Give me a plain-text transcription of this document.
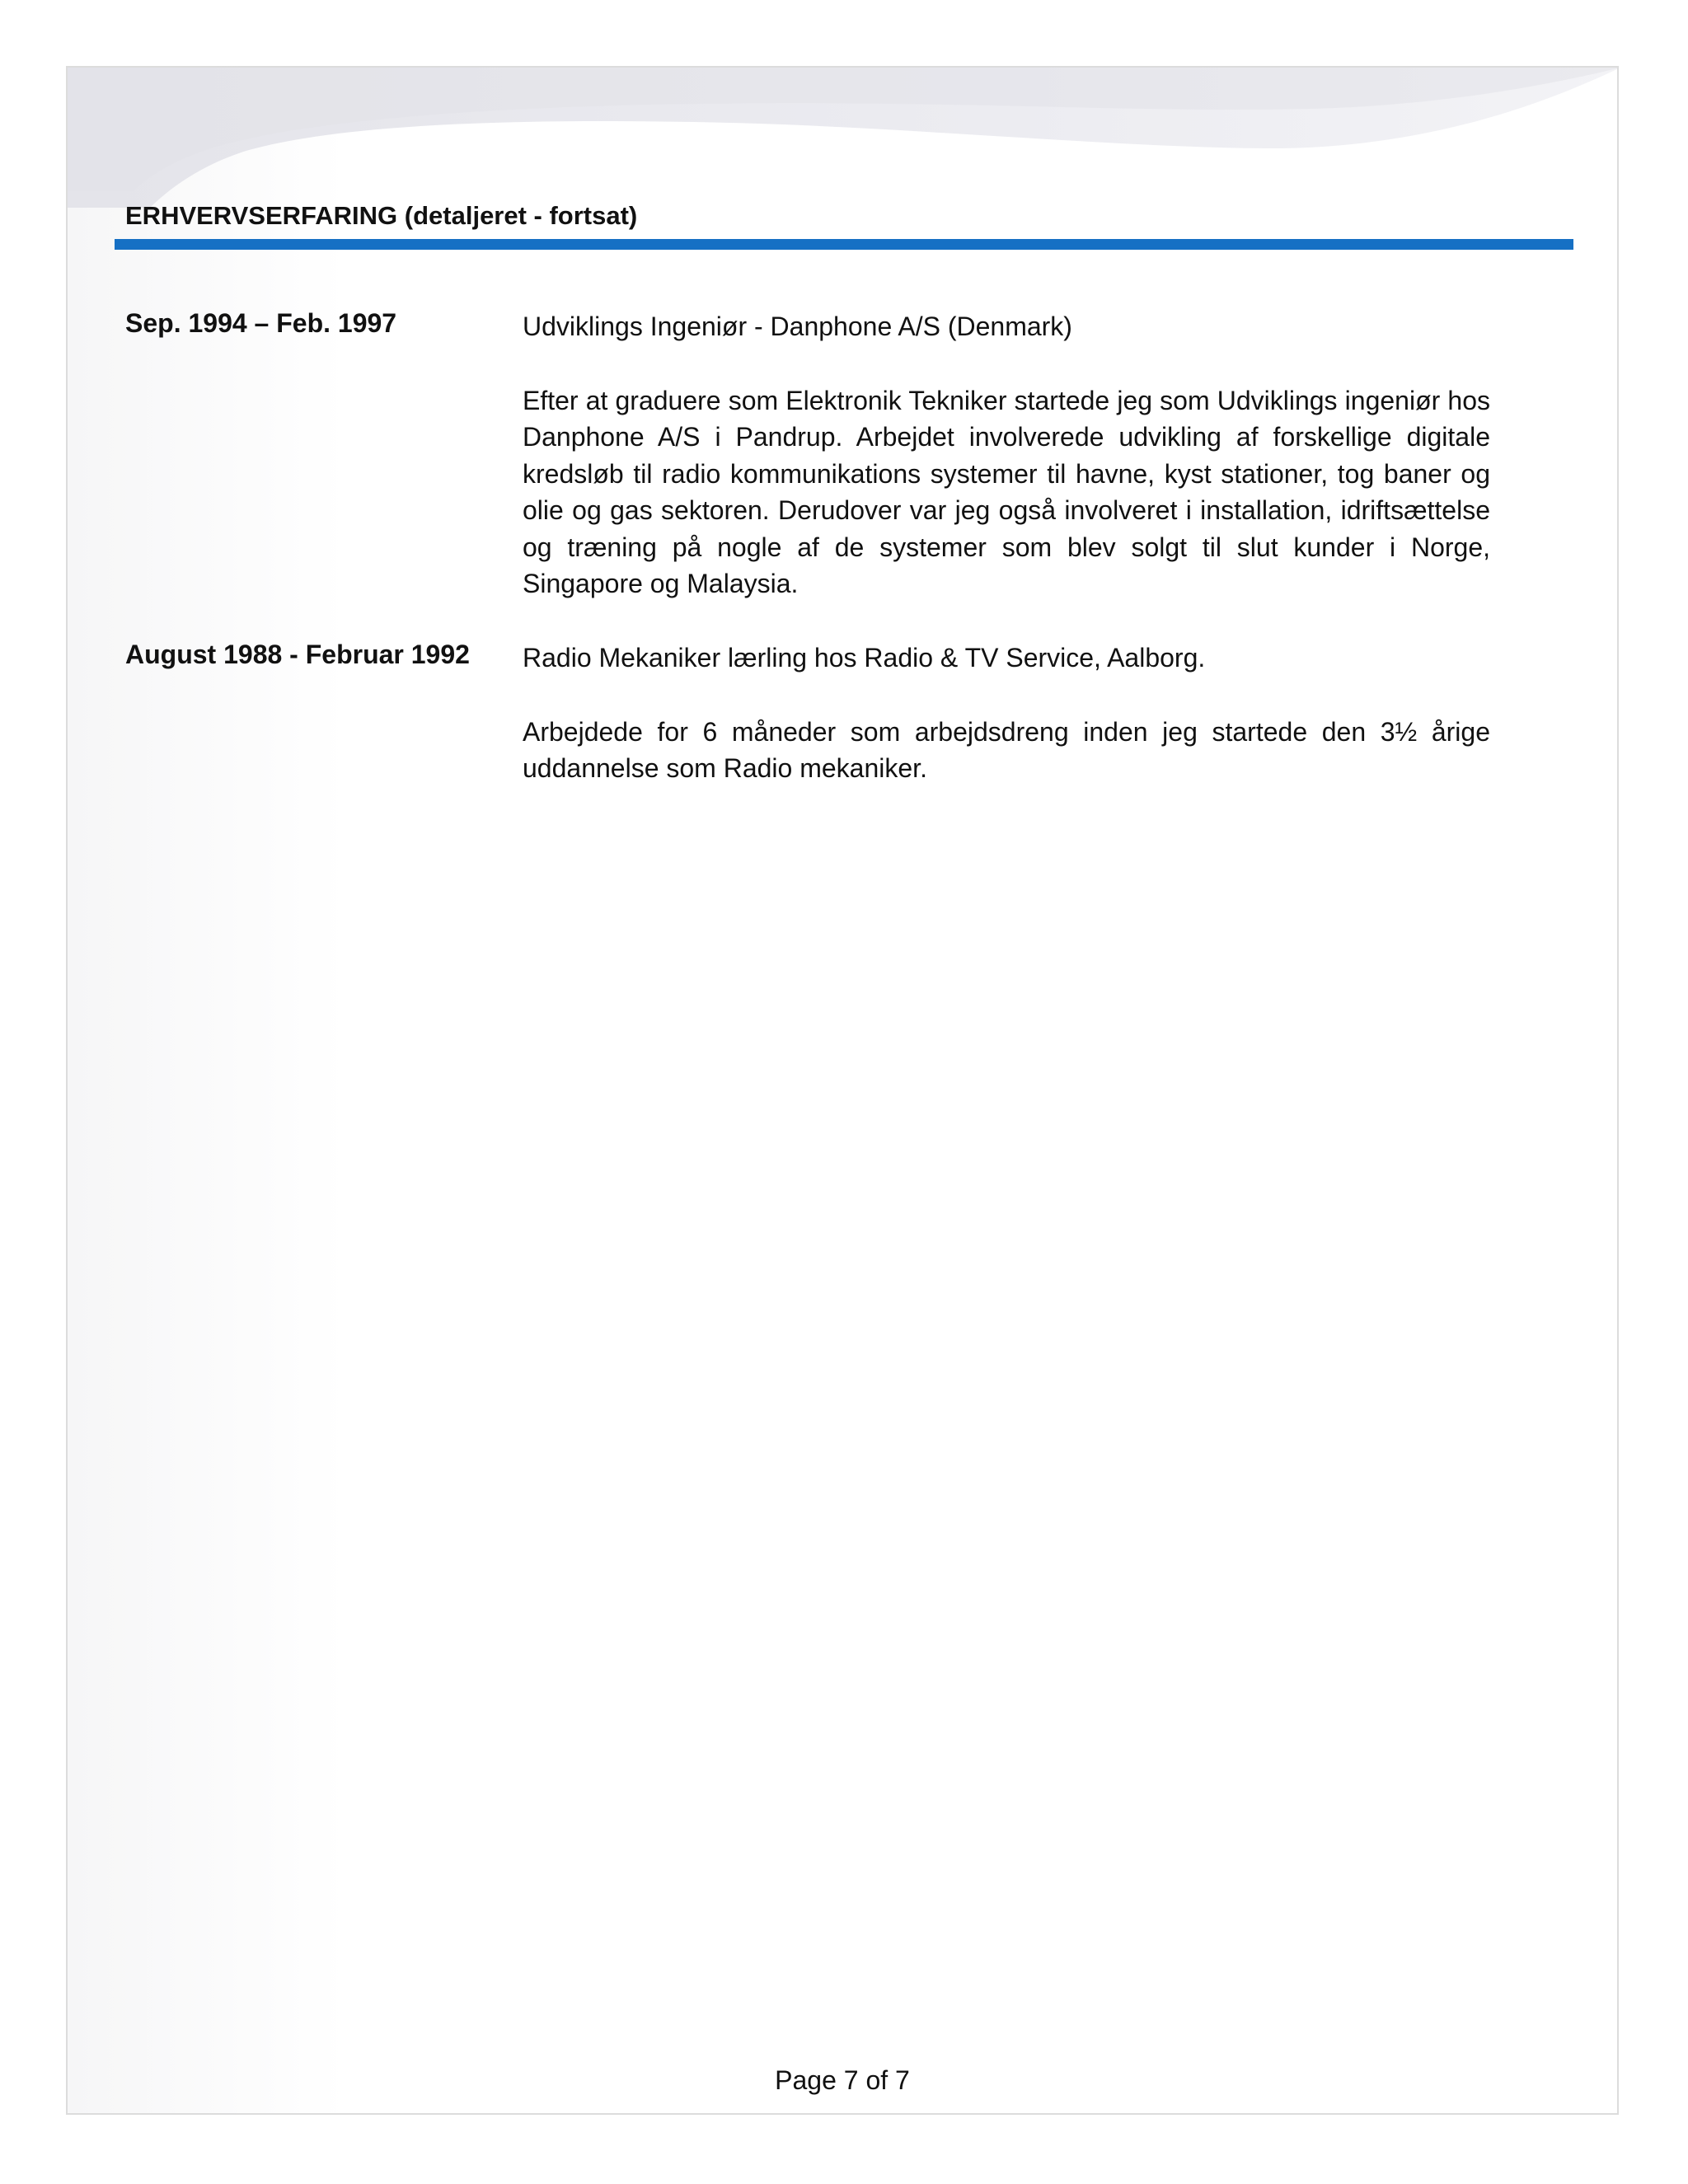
ERHVERVSERFARING (detaljeret - fortsat)
Sep. 1994 – Feb. 1997	Udviklings Ingeniør - Danphone A/S (Denmark)

Efter at graduere som Elektronik Tekniker startede jeg som Udviklings ingeniør hos Danphone A/S i Pandrup. Arbejdet involverede udvikling af forskellige digitale kredsløb til radio kommunikations systemer til havne, kyst stationer, tog baner og olie og gas sektoren. Derudover var jeg også involveret i installation, idriftsættelse og træning på nogle af de systemer som blev solgt til slut kunder i Norge, Singapore og Malaysia.

August 1988 - Februar 1992 Radio Mekaniker lærling hos Radio & TV Service, Aalborg.

Arbejdede for 6 måneder som arbejdsdreng inden jeg startede den 3½ årige uddannelse som Radio mekaniker.

Page 7 of 7
